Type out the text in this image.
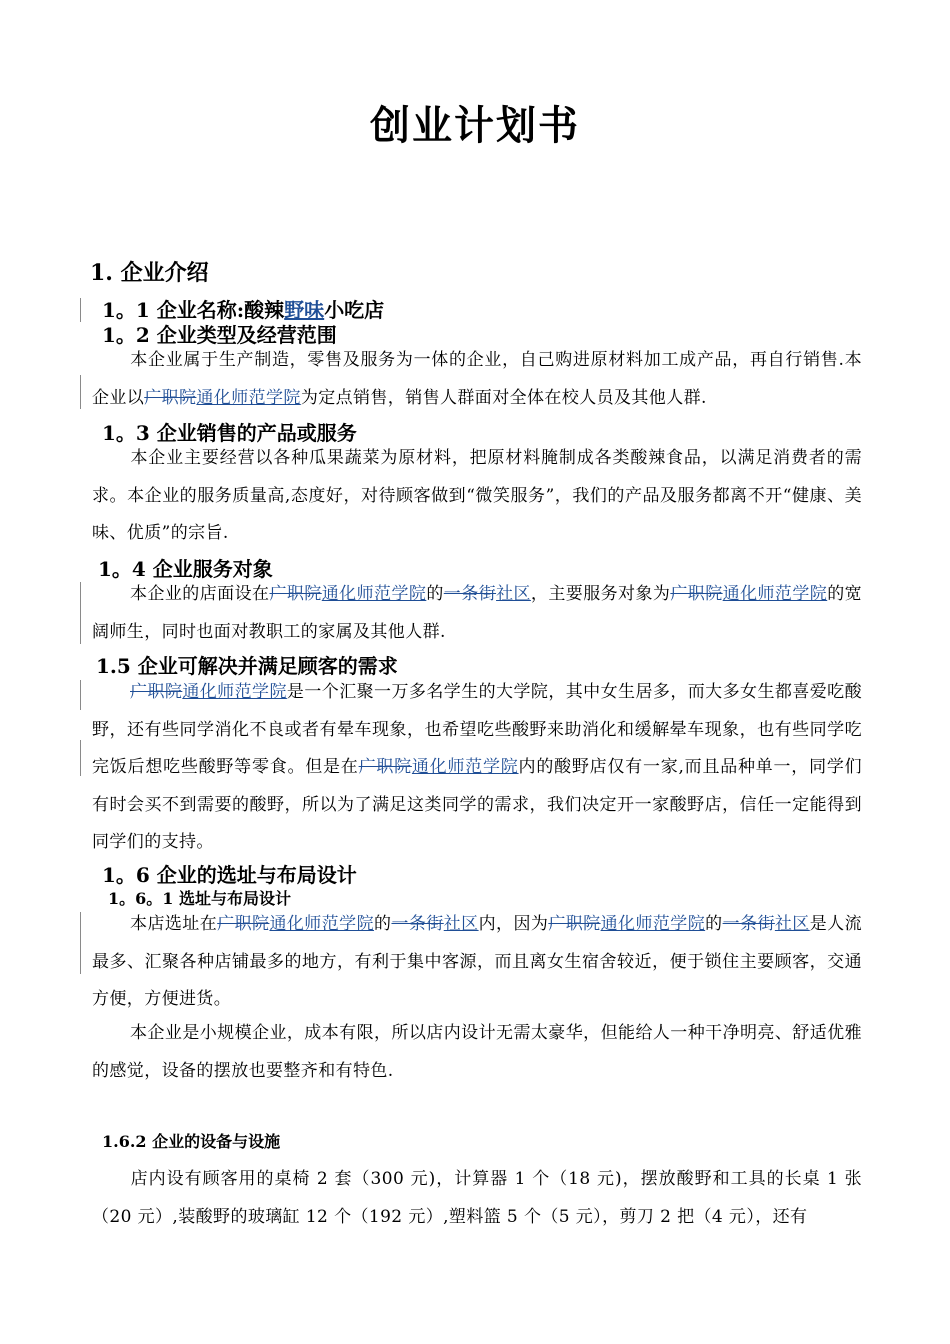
创业计划书
1. 企业介绍
1。1 企业名称:酸辣野味小吃店
1。2 企业类型及经营范围
本企业属于生产制造，零售及服务为一体的企业，自己购进原材料加工成产品，再自行销售.本企业以广职院通化师范学院为定点销售，销售人群面对全体在校人员及其他人群.
1。3 企业销售的产品或服务
本企业主要经营以各种瓜果蔬菜为原材料，把原材料腌制成各类酸辣食品，以满足消费者的需求。本企业的服务质量高,态度好，对待顾客做到“微笑服务”，我们的产品及服务都离不开“健康、美味、优质”的宗旨.
1。4 企业服务对象
本企业的店面设在广职院通化师范学院的一条街社区，主要服务对象为广职院通化师范学院的宽阔师生，同时也面对教职工的家属及其他人群.
1.5 企业可解决并满足顾客的需求
广职院通化师范学院是一个汇聚一万多名学生的大学院，其中女生居多，而大多女生都喜爱吃酸野，还有些同学消化不良或者有晕车现象，也希望吃些酸野来助消化和缓解晕车现象，也有些同学吃完饭后想吃些酸野等零食。但是在广职院通化师范学院内的酸野店仅有一家,而且品种单一，同学们有时会买不到需要的酸野，所以为了满足这类同学的需求，我们决定开一家酸野店，信任一定能得到同学们的支持。
1。6 企业的选址与布局设计
1。6。1 选址与布局设计
本店选址在广职院通化师范学院的一条街社区内，因为广职院通化师范学院的一条街社区是人流最多、汇聚各种店铺最多的地方，有利于集中客源，而且离女生宿舍较近，便于锁住主要顾客，交通方便，方便进货。
本企业是小规模企业，成本有限，所以店内设计无需太豪华，但能给人一种干净明亮、舒适优雅的感觉，设备的摆放也要整齐和有特色.
1.6.2 企业的设备与设施
店内设有顾客用的桌椅 2 套（300 元)，计算器 1 个（18 元)，摆放酸野和工具的长桌 1 张（20 元）,装酸野的玻璃缸 12 个（192 元）,塑料篮 5 个（5 元），剪刀 2 把（4 元），还有
